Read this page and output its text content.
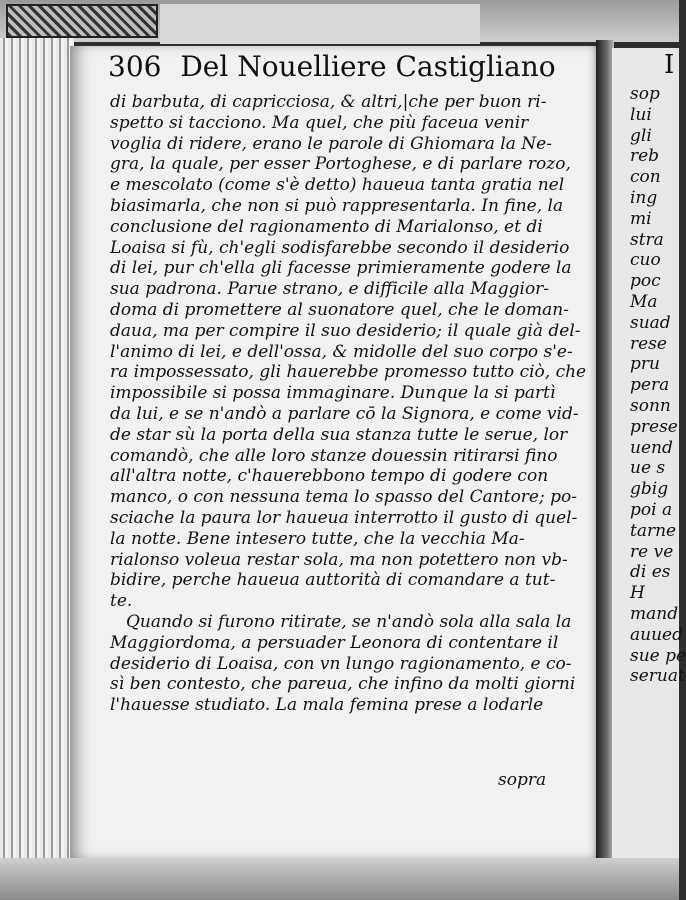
306 Del Nouelliere Castigliano
di barbuta, di capricciosa, & altri,|che per buon ri-
spetto si tacciono. Ma quel, che più faceua venir
voglia di ridere, erano le parole di Ghiomara la Ne-
gra, la quale, per esser Portoghese, e di parlare rozo,
e mescolato (come s'è detto) haueua tanta gratia nel
biasimarla, che non si può rappresentarla. In fine, la
conclusione del ragionamento di Marialonso, et di
Loaisa si fù, ch'egli sodisfarebbe secondo il desiderio
di lei, pur ch'ella gli facesse primieramente godere la
sua padrona. Parue strano, e difficile alla Maggior-
doma di promettere al suonatore quel, che le doman-
daua, ma per compire il suo desiderio; il quale già del-
l'animo di lei, e dell'ossa, & midolle del suo corpo s'e-
ra impossessato, gli hauerebbe promesso tutto ciò, che
impossibile si possa immaginare. Dunque la si partì
da lui, e se n'andò a parlare cō la Signora, e come vid-
de star sù la porta della sua stanza tutte le serue, lor
comandò, che alle loro stanze douessin ritirarsi fino
all'altra notte, c'hauerebbono tempo di godere con
manco, o con nessuna tema lo spasso del Cantore; po-
sciache la paura lor haueua interrotto il gusto di quel-
la notte. Bene intesero tutte, che la vecchia Ma-
rialonso voleua restar sola, ma non potettero non vb-
bidire, perche haueua auttorità di comandare a tut-
te.
Quando si furono ritirate, se n'andò sola alla sala la
Maggiordoma, a persuader Leonora di contentare il
desiderio di Loaisa, con vn lungo ragionamento, e co-
sì ben contesto, che pareua, che infino da molti giorni
l'hauesse studiato. La mala femina prese a lodarle
sopra
I
sop
lui
gli
reb
con
ing
mi
stra
cuo
poc
Ma
suad
rese
pru
pera
sonn
prese
uend
ue s
gbig
poi a
tarne
re ve
di es
H
mand
auued
sue pe
seruat
